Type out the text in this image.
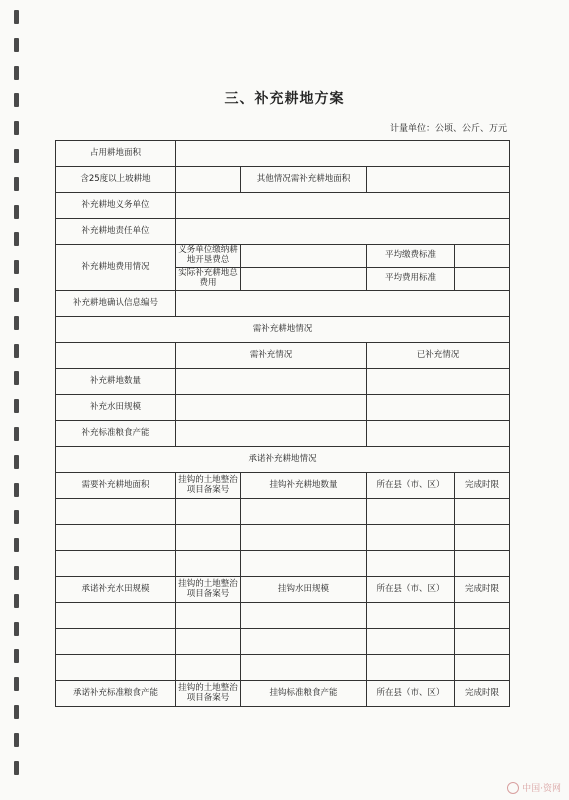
三、补充耕地方案
计量单位：公顷、公斤、万元
占用耕地面积				
含25度以上坡耕地		其他情况需补充耕地面积		
补充耕地义务单位				
补充耕地责任单位				
补充耕地费用情况	义务单位缴纳耕地开垦费总		平均缴费标准	
	实际补充耕地总费用		平均费用标准	
补充耕地确认信息编号				
需补充耕地情况				
	需补充情况		已补充情况	
补充耕地数量				
补充水田规模				
补充标准粮食产能				
承诺补充耕地情况				
需要补充耕地面积	挂钩的土地整治项目备案号	挂钩补充耕地数量	所在县（市、区）	完成时限

承诺补充水田规模	挂钩的土地整治项目备案号	挂钩水田规模	所在县（市、区）	完成时限

承诺补充标准粮食产能	挂钩的土地整治项目备案号	挂钩标准粮食产能	所在县（市、区）	完成时限
中国·资网
